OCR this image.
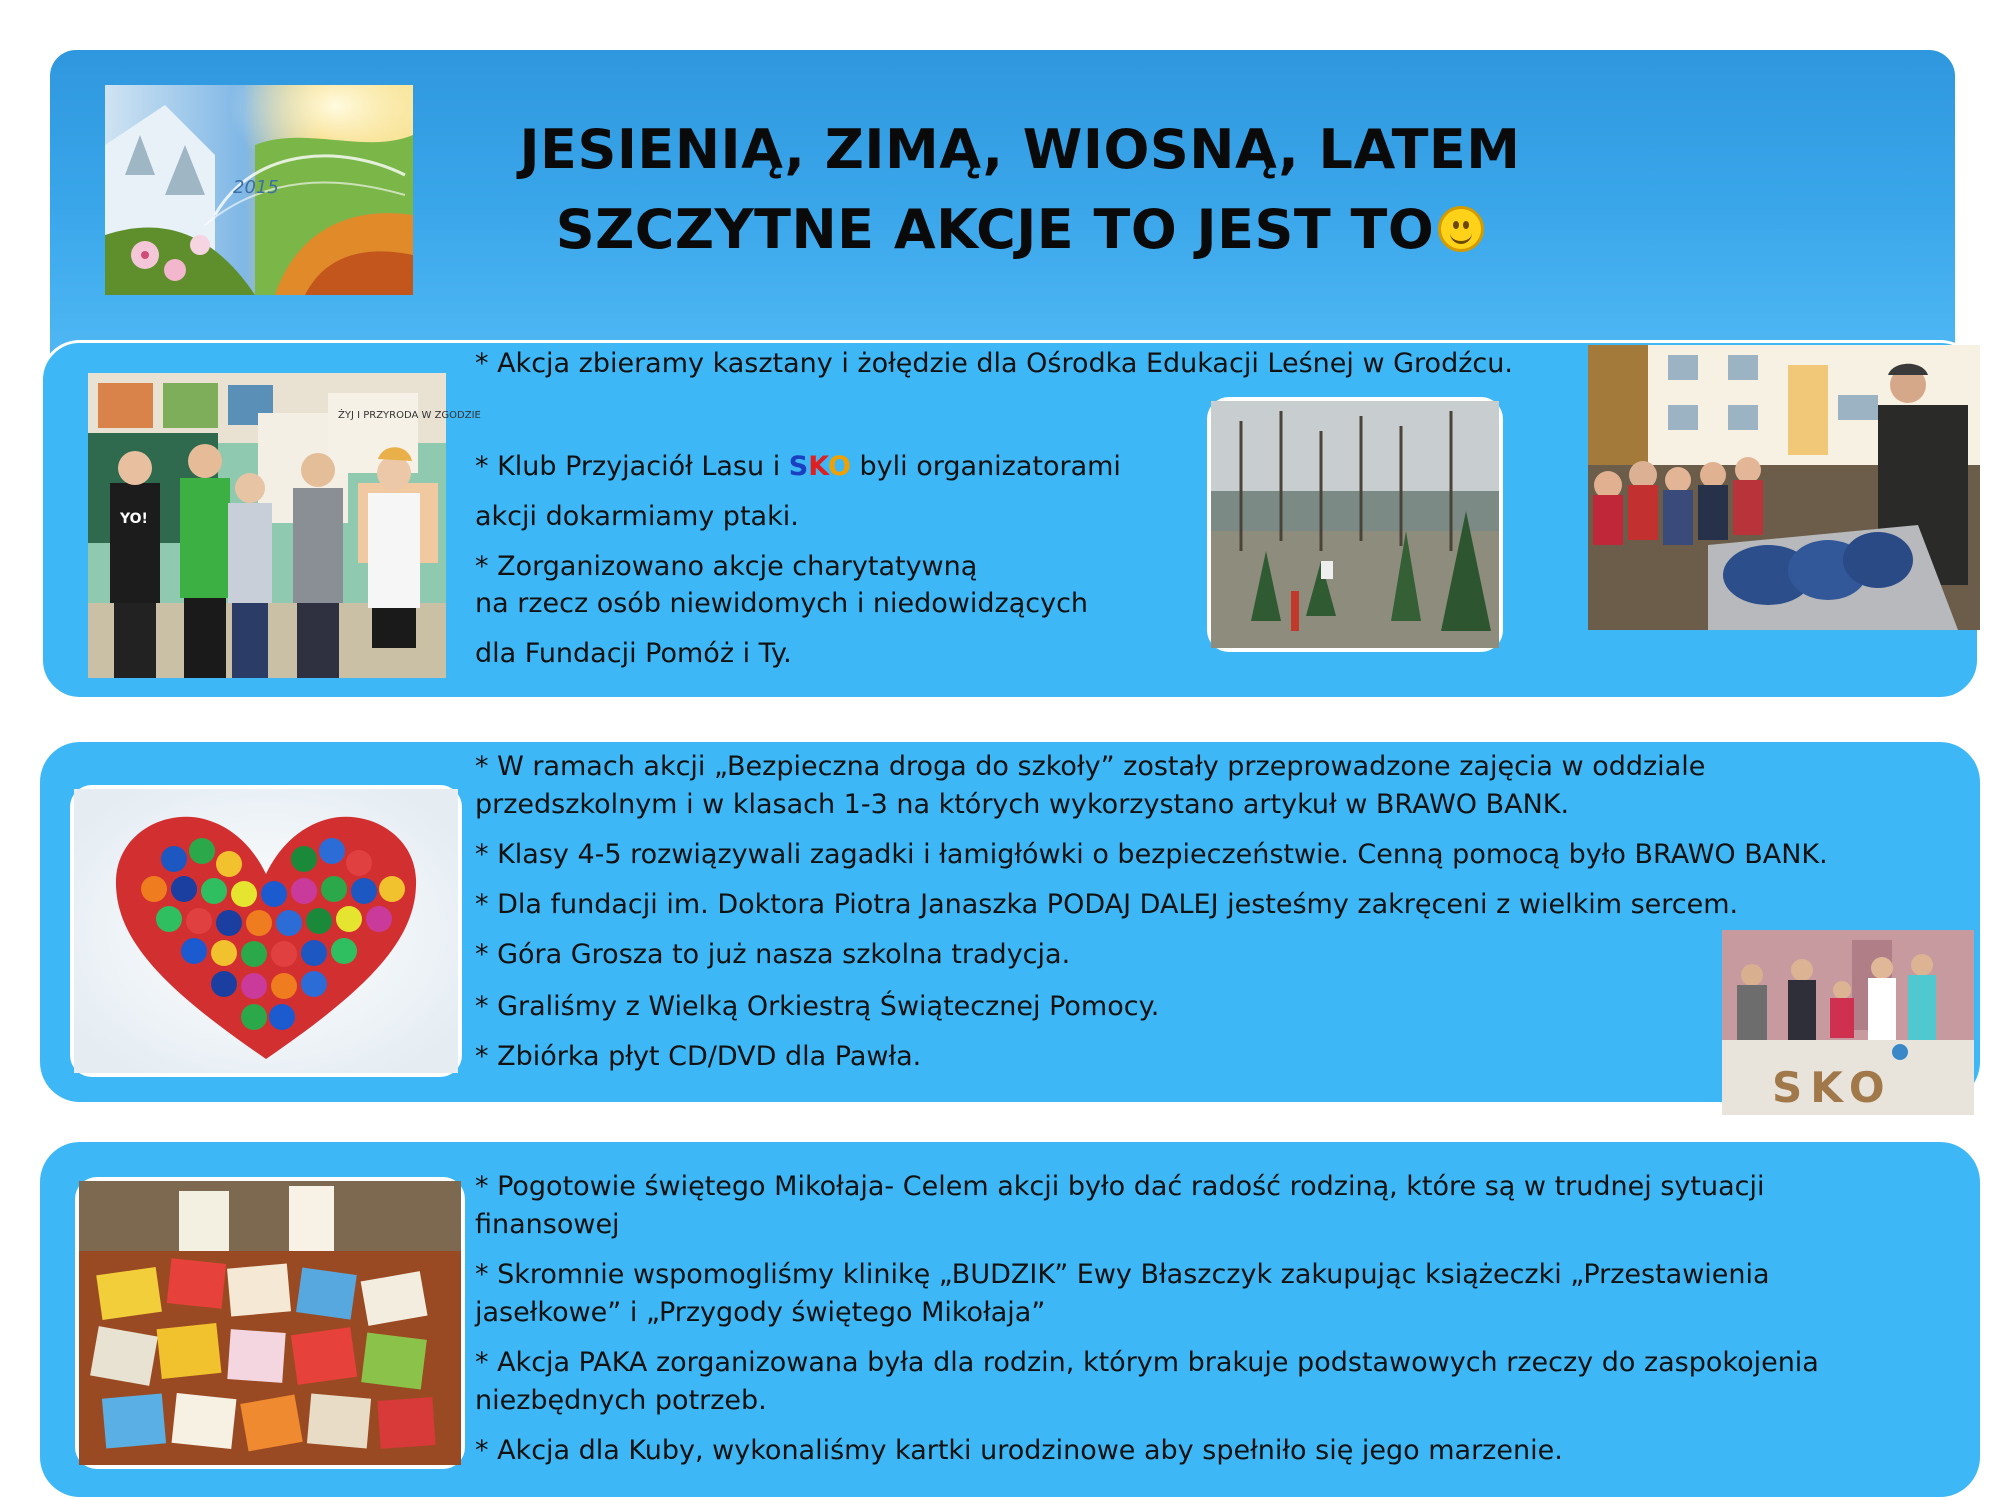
2015
JESIENIĄ, ZIMĄ, WIOSNĄ, LATEM
SZCZYTNE AKCJE TO JEST TO
ŻYJ I PRZYRODA W ZGODZIE
YO!
* Akcja zbieramy kasztany i żołędzie dla Ośrodka Edukacji Leśnej w Grodźcu.
* Klub Przyjaciół Lasu i SKO byli organizatorami
akcji dokarmiamy ptaki.
* Zorganizowano akcje charytatywną
na rzecz osób niewidomych i niedowidzących
dla Fundacji Pomóż i Ty.
* W ramach akcji „Bezpieczna droga do szkoły” zostały przeprowadzone zajęcia w oddziale
przedszkolnym i w klasach 1-3 na których wykorzystano artykuł w BRAWO BANK.
* Klasy 4-5 rozwiązywali zagadki i łamigłówki o bezpieczeństwie. Cenną pomocą było BRAWO BANK.
* Dla fundacji im. Doktora Piotra Janaszka PODAJ DALEJ jesteśmy zakręceni z wielkim sercem.
* Góra Grosza to już nasza szkolna tradycja.
* Graliśmy z Wielką Orkiestrą Świątecznej Pomocy.
* Zbiórka płyt CD/DVD dla Pawła.
SKO
* Pogotowie świętego Mikołaja- Celem akcji było dać radość rodziną, które są w trudnej sytuacji
finansowej
* Skromnie wspomogliśmy klinikę „BUDZIK” Ewy Błaszczyk zakupując książeczki „Przestawienia
jasełkowe” i „Przygody świętego Mikołaja”
* Akcja PAKA zorganizowana była dla rodzin, którym brakuje podstawowych rzeczy do zaspokojenia
niezbędnych potrzeb.
* Akcja dla Kuby, wykonaliśmy kartki urodzinowe aby spełniło się jego marzenie.
